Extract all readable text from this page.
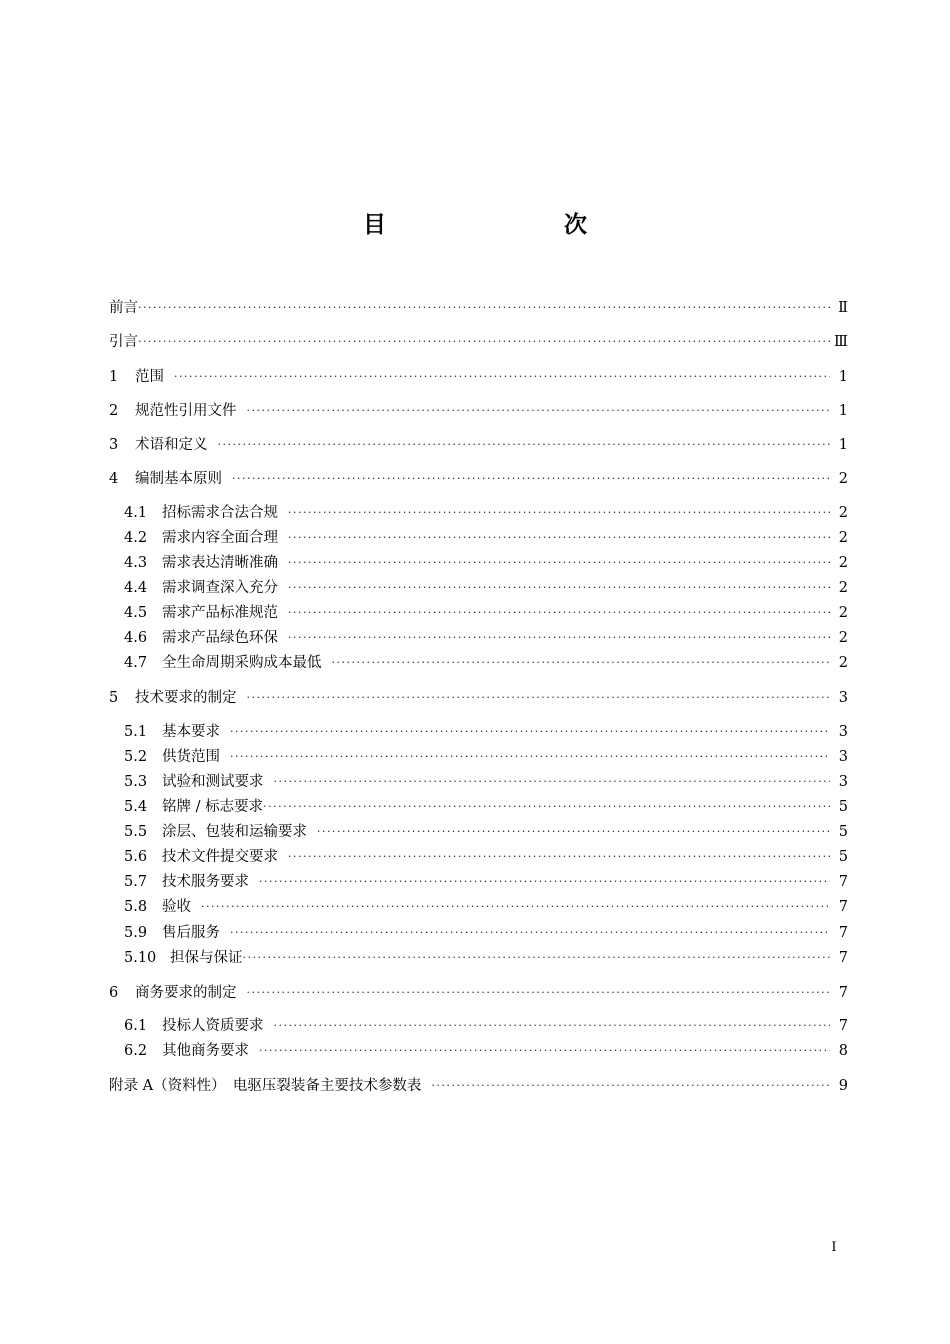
目　　次
前言 ·····	Ⅱ
引言 ·····	Ⅲ
1	范围 ·····	1
2	规范性引用文件 ·····	1
3	术语和定义 ·····	1
4	编制基本原则 ·····	2
4.1	招标需求合法合规 ·····	2
4.2	需求内容全面合理 ·····	2
4.3	需求表达清晰准确 ·····	2
4.4	需求调查深入充分 ·····	2
4.5	需求产品标准规范 ·····	2
4.6	需求产品绿色环保 ·····	2
4.7	全生命周期采购成本最低 ·····	2
5	技术要求的制定 ·····	3
5.1	基本要求 ·····	3
5.2	供货范围 ·····	3
5.3	试验和测试要求 ·····	3
5.4	铭牌 / 标志要求 ·····	5
5.5	涂层、包装和运输要求 ·····	5
5.6	技术文件提交要求 ·····	5
5.7	技术服务要求 ·····	7
5.8	验收 ·····	7
5.9	售后服务 ·····	7
5.10 担保与保证 ·····	7
6	商务要求的制定 ·····	7
6.1	投标人资质要求 ·····	7
6.2	其他商务要求 ·····	8
附录 A（资料性）　电驱压裂装备主要技术参数表 ·····	9
I
